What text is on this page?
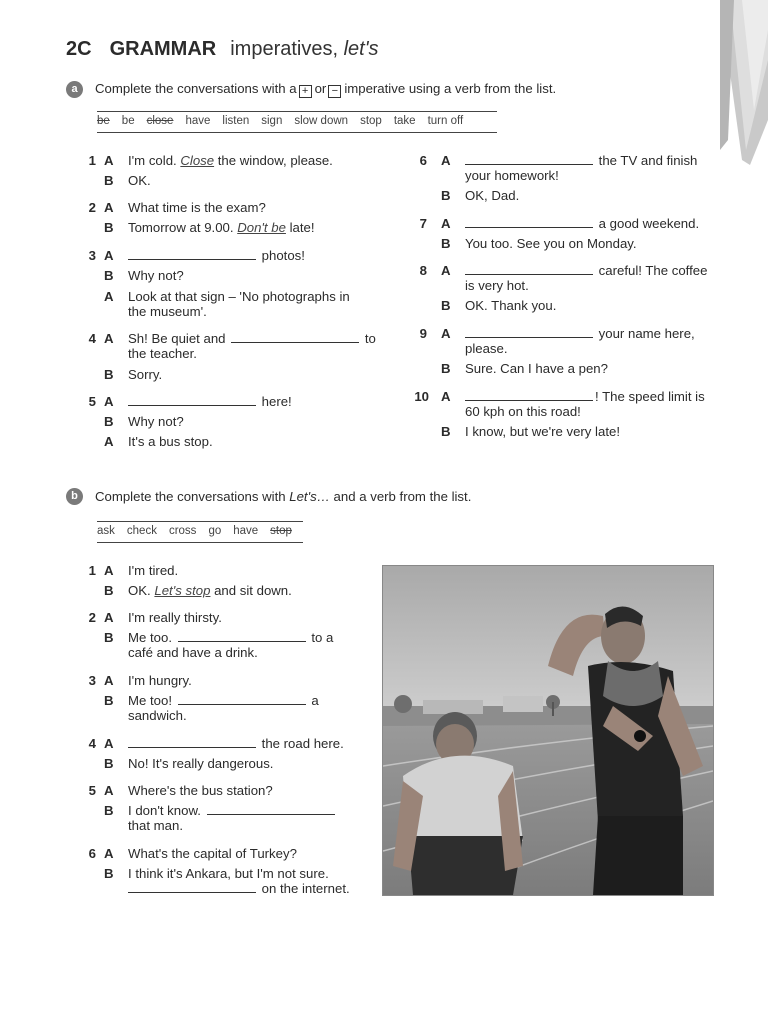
2C GRAMMAR imperatives, let's
a	Complete the conversations with a + or − imperative using a verb from the list.
be be close have listen sign slow down stop take turn off
1 A I'm cold. Close the window, please.
B OK.
2 A What time is the exam?
B Tomorrow at 9.00. Don't be late!
3 A	photos!
B Why not?
A Look at that sign – 'No photographs in
the museum'.
4 A Sh! Be quiet and	to
the teacher.
B Sorry.
5 A	here!
B Why not?
A It's a bus stop.
6 A	the TV and finish
your homework!
B OK, Dad.
7 A	a good weekend.
B You too. See you on Monday.
8 A	careful! The coffee
is very hot.
B OK. Thank you.
9 A	your name here,
please.
B Sure. Can I have a pen?
10 A	! The speed limit is
60 kph on this road!
B I know, but we're very late!
b	Complete the conversations with Let's… and a verb from the list.
ask check cross go have stop
1 A I'm tired.
B OK. Let's stop and sit down.
2 A I'm really thirsty.
B Me too.	to a
café and have a drink.
3 A I'm hungry.
B Me too!	a
sandwich.
4 A	the road here.
B No! It's really dangerous.
5 A Where's the bus station?
B I don't know.
that man.
6 A What's the capital of Turkey?
B I think it's Ankara, but I'm not sure.
on the internet.
